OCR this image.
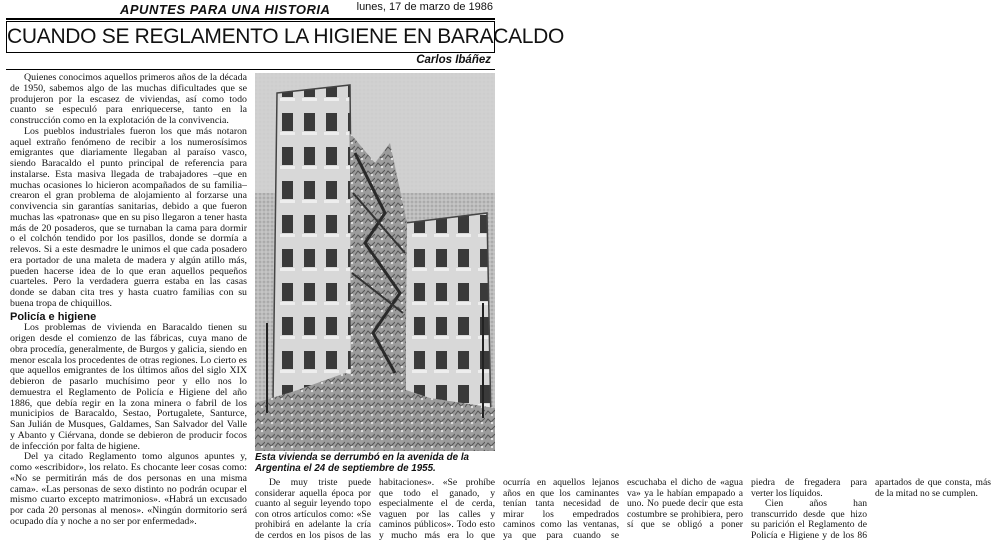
APUNTES PARA UNA HISTORIA lunes, 17 de marzo de 1986
CUANDO SE REGLAMENTO LA HIGIENE EN BARACALDO
Carlos Ibáñez

Quienes conocimos aquellos primeros años de la década de 1950, sabemos algo de las muchas dificultades que se produjeron por la escasez de viviendas, así como todo cuanto se especuló para enriquecerse, tanto en la construcción como en la explotación de la convivencia.

Los pueblos industriales fueron los que más notaron aquel extraño fenómeno de recibir a los numerosísimos emigrantes que diariamente llegaban al paraíso vasco, siendo Baracaldo el punto principal de referencia para instalarse. Esta masiva llegada de trabajadores –que en muchas ocasiones lo hicieron acompañados de su familia– crearon el gran problema de alojamiento al forzarse una convivencia sin garantías sanitarias, debido a que fueron muchas las «patronas» que en su piso llegaron a tener hasta más de 20 posaderos, que se turnaban la cama para dormir o el colchón tendido por los pasillos, donde se dormía a relevos. Si a este desmadre le unimos el que cada posadero era portador de una maleta de madera y algún atillo más, pueden hacerse idea de lo que eran aquellos pequeños cuarteles. Pero la verdadera guerra estaba en las casas donde se daban cita tres y hasta cuatro familias con su buena tropa de chiquillos.

Policía e higiene

Los problemas de vivienda en Baracaldo tienen su origen desde el comienzo de las fábricas, cuya mano de obra procedía, generalmente, de Burgos y galicia, siendo en menor escala los procedentes de otras regiones. Lo cierto es que aquellos emigrantes de los últimos años del siglo XIX debieron de pasarlo muchísimo peor y ello nos lo demuestra el Reglamento de Policía e Higiene del año 1886, que debía regir en la zona minera o fabril de los municipios de Baracaldo, Sestao, Portugalete, Santurce, San Julián de Musques, Galdames, San Salvador del Valle y Abanto y Ciérvana, donde se debieron de producir focos de infección por falta de higiene.

Del ya citado Reglamento tomo algunos apuntes y, como «escribidor», los relato. Es chocante leer cosas como: «No se permitirán más de dos personas en una misma cama». «Las personas de sexo distinto no podrán ocupar el mismo cuarto excepto matrimonios». «Habrá un excusado por cada 20 personas al menos». «Ningún dormitorio será ocupado día y noche a no ser por enfermedad».

Esta vivienda se derrumbó en la avenida de la Argentina el 24 de septiembre de 1955.

De muy triste puede considerar aquella época por cuanto al seguir leyendo topo con otros artículos como: «Se prohibirá en adelante la cría de cerdos en los pisos de las habitaciones». «Se prohíbe que todo el ganado, y especialmente el de cerda, vaguen por las calles y caminos públicos». Todo esto y mucho más era lo que ocurría en aquellos lejanos años en que los caminantes tenían tanta necesidad de mirar los empedrados caminos como las ventanas, ya que para cuando se escuchaba el dicho de «agua va» ya le habían empapado a uno. No puede decir que esta costumbre se prohibiera, pero sí que se obligó a poner piedra de fregadera para verter los líquidos.

Cien años han transcurrido desde que hizo su parición el Reglamento de Policía e Higiene y de los 86 apartados de que consta, más de la mitad no se cumplen.
